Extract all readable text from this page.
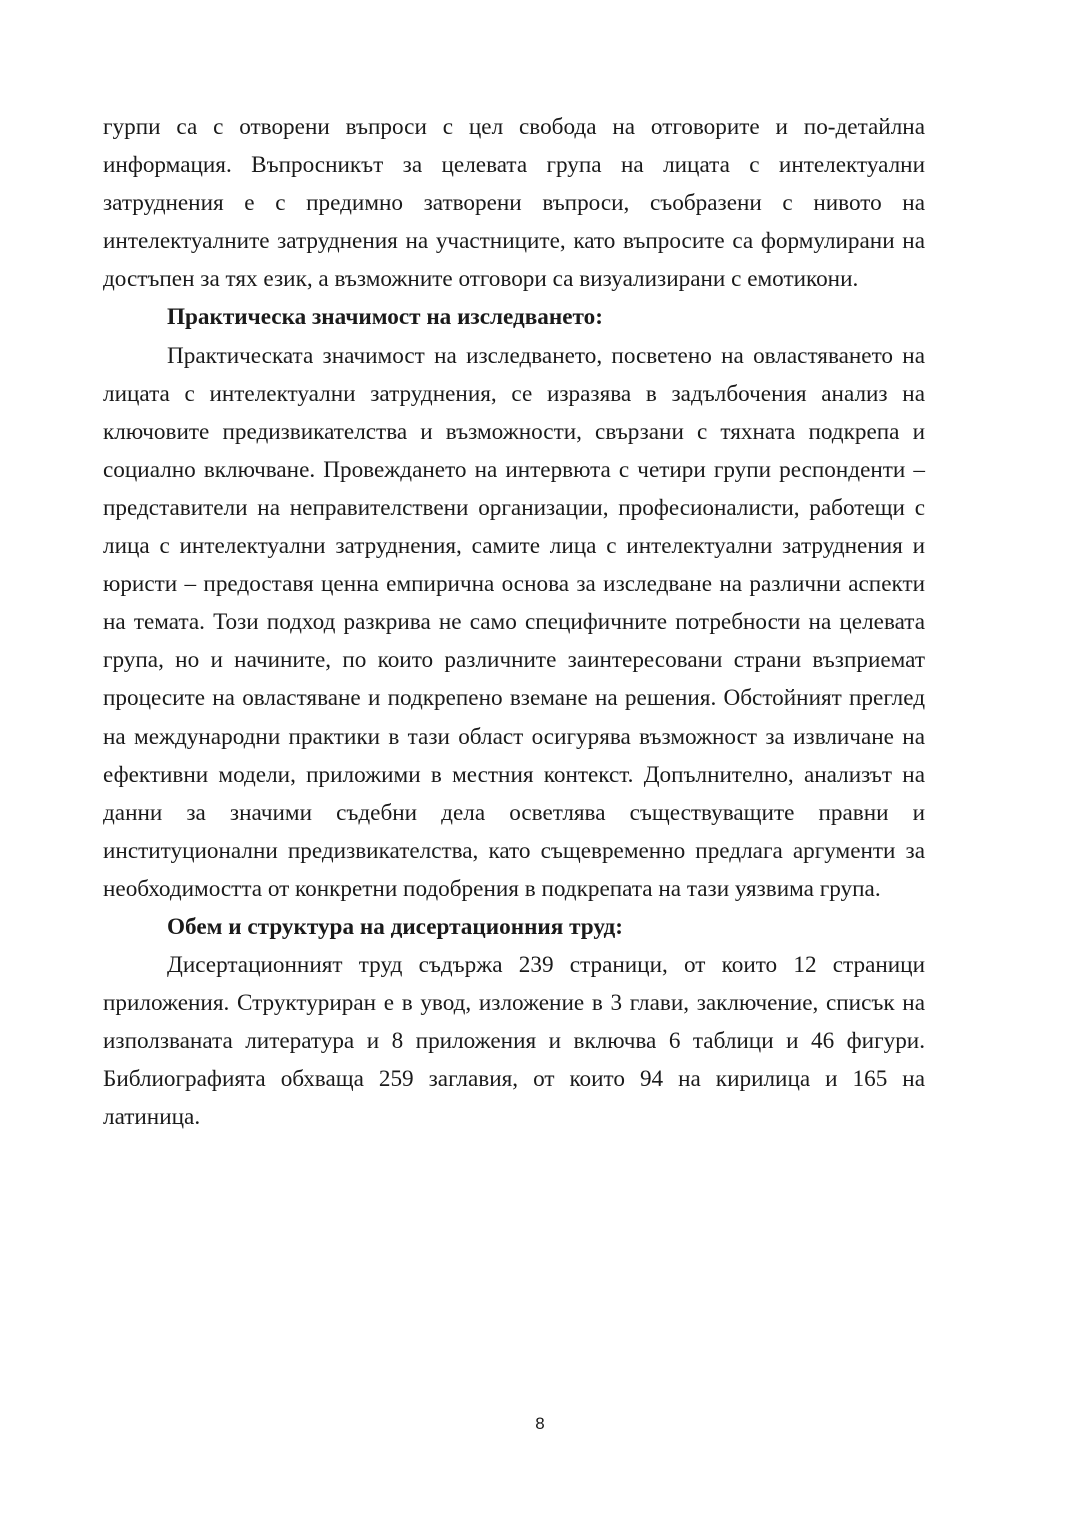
гурпи са с отворени въпроси с цел свобода на отговорите и по-детайлна информация. Въпросникът за целевата група на лицата с интелектуални затруднения е с предимно затворени въпроси, съобразени с нивото на интелектуалните затруднения на участниците, като въпросите са формулирани на достъпен за тях език, а възможните отговори са визуализирани с емотикони.

Практическа значимост на изследването:

Практическата значимост на изследването, посветено на овластяването на лицата с интелектуални затруднения, се изразява в задълбочения анализ на ключовите предизвикателства и възможности, свързани с тяхната подкрепа и социално включване. Провеждането на интервюта с четири групи респонденти – представители на неправителствени организации, професионалисти, работещи с лица с интелектуални затруднения, самите лица с интелектуални затруднения и юристи – предоставя ценна емпирична основа за изследване на различни аспекти на темата. Този подход разкрива не само специфичните потребности на целевата група, но и начините, по които различните заинтересовани страни възприемат процесите на овластяване и подкрепено вземане на решения. Обстойният преглед на международни практики в тази област осигурява възможност за извличане на ефективни модели, приложими в местния контекст. Допълнително, анализът на данни за значими съдебни дела осветлява съществуващите правни и институционални предизвикателства, като същевременно предлага аргументи за необходимостта от конкретни подобрения в подкрепата на тази уязвима група.

Обем и структура на дисертационния труд:

Дисертационният труд съдържа 239 страници, от които 12 страници приложения. Структуриран е в увод, изложение в 3 глави, заключение, списък на използваната литература и 8 приложения и включва 6 таблици и 46 фигури. Библиографията обхваща 259 заглавия, от които 94 на кирилица и 165 на латиница.

8
